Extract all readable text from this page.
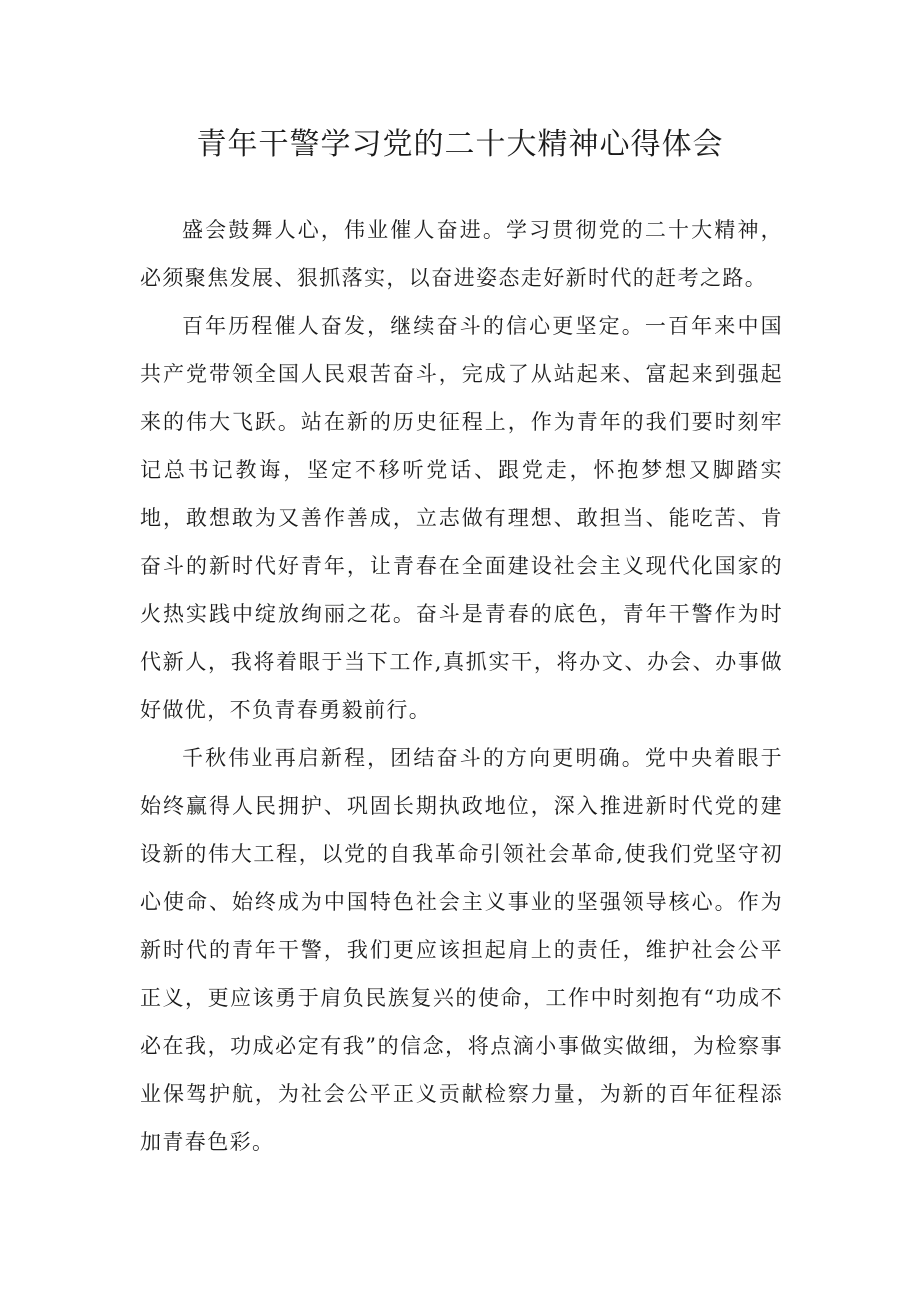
青年干警学习党的二十大精神心得体会

盛会鼓舞人心，伟业催人奋进。学习贯彻党的二十大精神，必须聚焦发展、狠抓落实，以奋进姿态走好新时代的赶考之路。

百年历程催人奋发，继续奋斗的信心更坚定。一百年来中国共产党带领全国人民艰苦奋斗，完成了从站起来、富起来到强起来的伟大飞跃。站在新的历史征程上，作为青年的我们要时刻牢记总书记教诲，坚定不移听党话、跟党走，怀抱梦想又脚踏实地，敢想敢为又善作善成，立志做有理想、敢担当、能吃苦、肯奋斗的新时代好青年，让青春在全面建设社会主义现代化国家的火热实践中绽放绚丽之花。奋斗是青春的底色，青年干警作为时代新人，我将着眼于当下工作,真抓实干，将办文、办会、办事做好做优，不负青春勇毅前行。

千秋伟业再启新程，团结奋斗的方向更明确。党中央着眼于始终赢得人民拥护、巩固长期执政地位，深入推进新时代党的建设新的伟大工程，以党的自我革命引领社会革命,使我们党坚守初心使命、始终成为中国特色社会主义事业的坚强领导核心。作为新时代的青年干警，我们更应该担起肩上的责任，维护社会公平正义，更应该勇于肩负民族复兴的使命，工作中时刻抱有“功成不必在我，功成必定有我”的信念，将点滴小事做实做细，为检察事业保驾护航，为社会公平正义贡献检察力量，为新的百年征程添加青春色彩。
